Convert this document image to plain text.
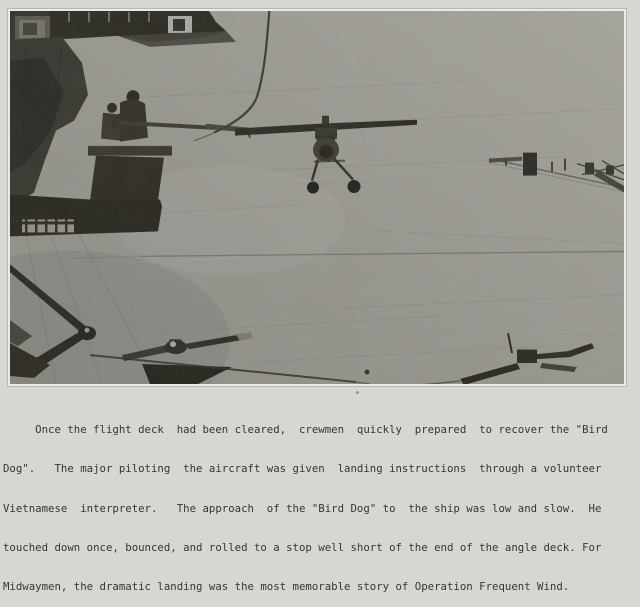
Once the flight deck  had been cleared,  crewmen  quickly  prepared  to recover the "Bird

Dog".   The major piloting  the aircraft was given  landing instructions  through a volunteer

Vietnamese  interpreter.   The approach  of the "Bird Dog" to  the ship was low and slow.  He

touched down once, bounced, and rolled to a stop well short of the end of the angle deck. For

Midwaymen, the dramatic landing was the most memorable story of Operation Frequent Wind.
